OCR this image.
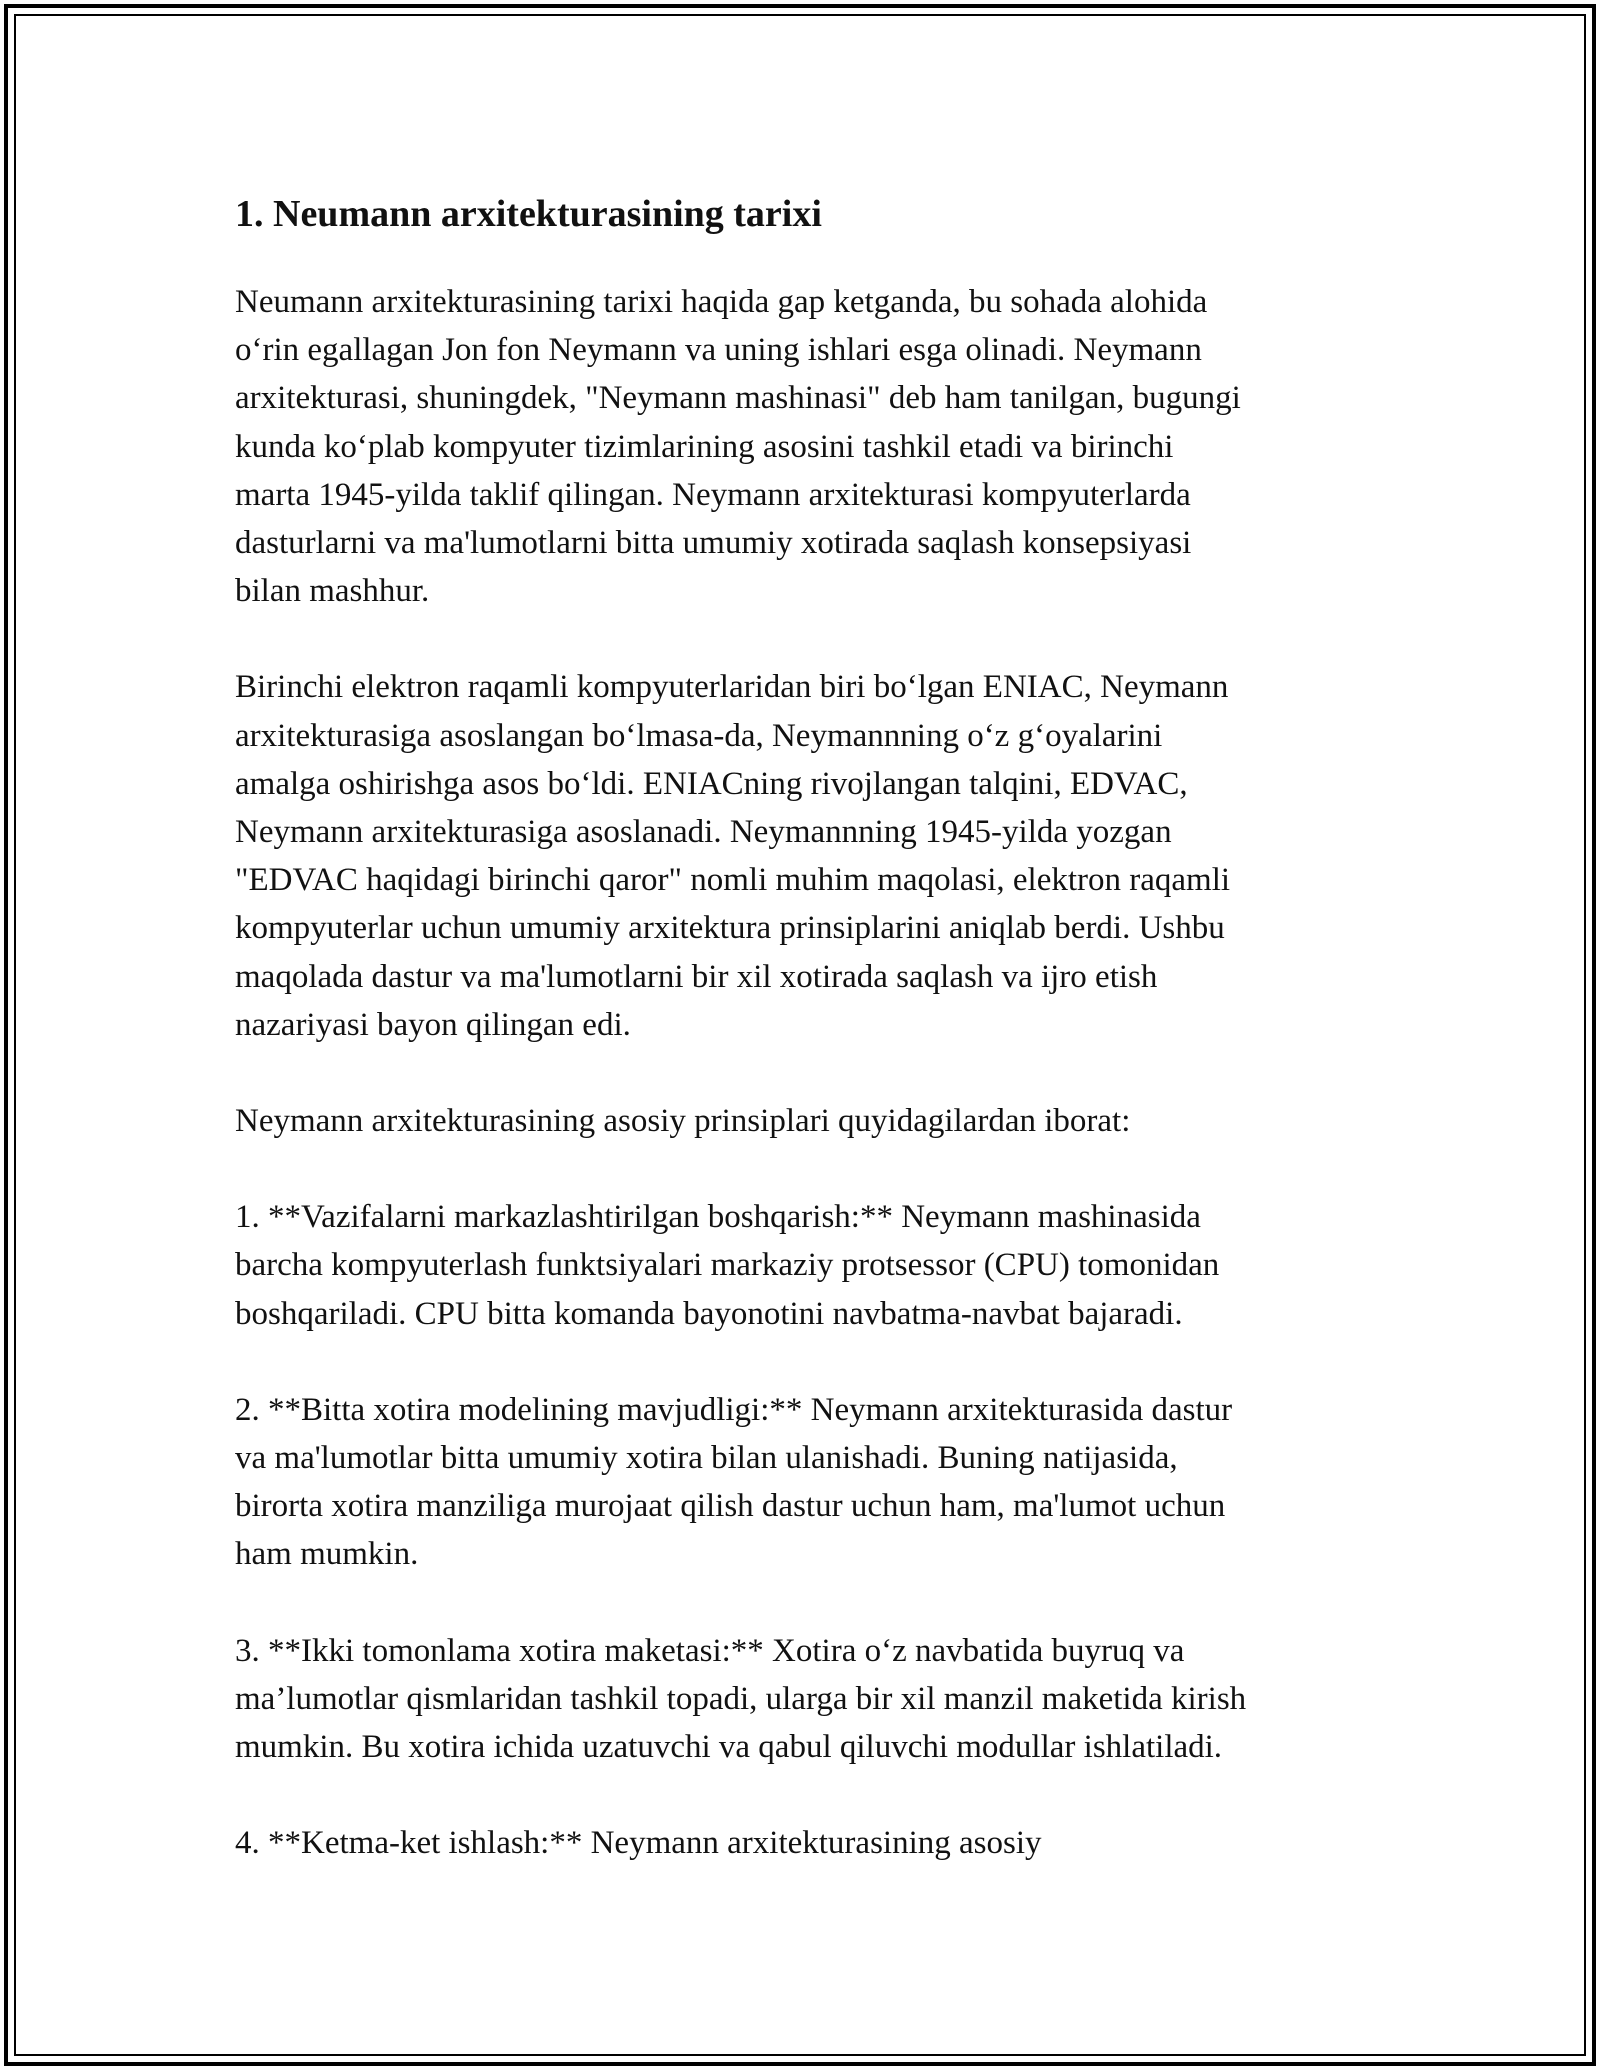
1. Neumann arxitekturasining tarixi

Neumann arxitekturasining tarixi haqida gap ketganda, bu sohada alohida
o‘rin egallagan Jon fon Neymann va uning ishlari esga olinadi. Neymann
arxitekturasi, shuningdek, "Neymann mashinasi" deb ham tanilgan, bugungi
kunda ko‘plab kompyuter tizimlarining asosini tashkil etadi va birinchi
marta 1945-yilda taklif qilingan. Neymann arxitekturasi kompyuterlarda
dasturlarni va ma'lumotlarni bitta umumiy xotirada saqlash konsepsiyasi
bilan mashhur.

Birinchi elektron raqamli kompyuterlaridan biri bo‘lgan ENIAC, Neymann
arxitekturasiga asoslangan bo‘lmasa-da, Neymannning o‘z g‘oyalarini
amalga oshirishga asos bo‘ldi. ENIACning rivojlangan talqini, EDVAC,
Neymann arxitekturasiga asoslanadi. Neymannning 1945-yilda yozgan
"EDVAC haqidagi birinchi qaror" nomli muhim maqolasi, elektron raqamli
kompyuterlar uchun umumiy arxitektura prinsiplarini aniqlab berdi. Ushbu
maqolada dastur va ma'lumotlarni bir xil xotirada saqlash va ijro etish
nazariyasi bayon qilingan edi.

Neymann arxitekturasining asosiy prinsiplari quyidagilardan iborat:

1. **Vazifalarni markazlashtirilgan boshqarish:** Neymann mashinasida
barcha kompyuterlash funktsiyalari markaziy protsessor (CPU) tomonidan
boshqariladi. CPU bitta komanda bayonotini navbatma-navbat bajaradi.

2. **Bitta xotira modelining mavjudligi:** Neymann arxitekturasida dastur
va ma'lumotlar bitta umumiy xotira bilan ulanishadi. Buning natijasida,
birorta xotira manziliga murojaat qilish dastur uchun ham, ma'lumot uchun
ham mumkin.

3. **Ikki tomonlama xotira maketasi:** Xotira o‘z navbatida buyruq va
ma’lumotlar qismlaridan tashkil topadi, ularga bir xil manzil maketida kirish
mumkin. Bu xotira ichida uzatuvchi va qabul qiluvchi modullar ishlatiladi.

4. **Ketma-ket ishlash:** Neymann arxitekturasining asosiy
